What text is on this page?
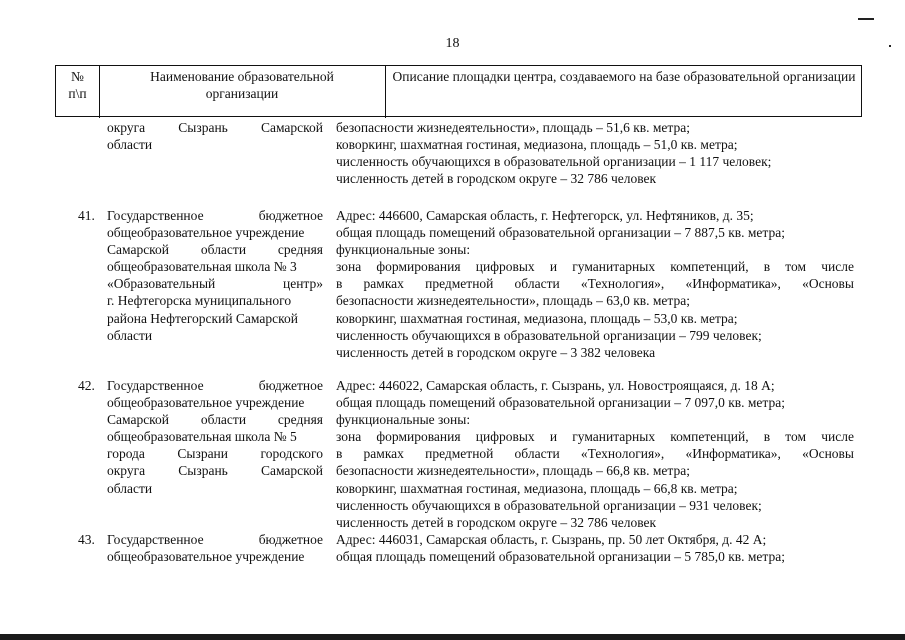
18
№
п\п
Наименование образовательной
организации
Описание площадки центра, создаваемого на базе образовательной организации
округа Сызрань Самарской
области
безопасности жизнедеятельности», площадь – 51,6 кв. метра;
коворкинг, шахматная гостиная, медиазона, площадь – 51,0 кв. метра;
численность обучающихся в образовательной организации – 1 117 человек;
численность детей в городском округе – 32 786 человек
41. Государственное бюджетное
общеобразовательное учреждение
Самарской области средняя
общеобразовательная школа № 3
«Образовательный центр»
г. Нефтегорска муниципального
района Нефтегорский Самарской
области
Адрес: 446600, Самарская область, г. Нефтегорск, ул. Нефтяников, д. 35;
общая площадь помещений образовательной организации – 7 887,5 кв. метра;
функциональные зоны:
зона формирования цифровых и гуманитарных компетенций, в том числе
в рамках предметной области «Технология», «Информатика», «Основы
безопасности жизнедеятельности», площадь – 63,0 кв. метра;
коворкинг, шахматная гостиная, медиазона, площадь – 53,0 кв. метра;
численность обучающихся в образовательной организации – 799 человек;
численность детей в городском округе – 3 382 человека
42. Государственное бюджетное
общеобразовательное учреждение
Самарской области средняя
общеобразовательная школа № 5
города Сызрани городского
округа Сызрань Самарской
области
Адрес: 446022, Самарская область, г. Сызрань, ул. Новостроящаяся, д. 18 А;
общая площадь помещений образовательной организации – 7 097,0 кв. метра;
функциональные зоны:
зона формирования цифровых и гуманитарных компетенций, в том числе
в рамках предметной области «Технология», «Информатика», «Основы
безопасности жизнедеятельности», площадь – 66,8 кв. метра;
коворкинг, шахматная гостиная, медиазона, площадь – 66,8 кв. метра;
численность обучающихся в образовательной организации – 931 человек;
численность детей в городском округе – 32 786 человек
43. Государственное бюджетное
общеобразовательное учреждение
Адрес: 446031, Самарская область, г. Сызрань, пр. 50 лет Октября, д. 42 А;
общая площадь помещений образовательной организации – 5 785,0 кв. метра;
